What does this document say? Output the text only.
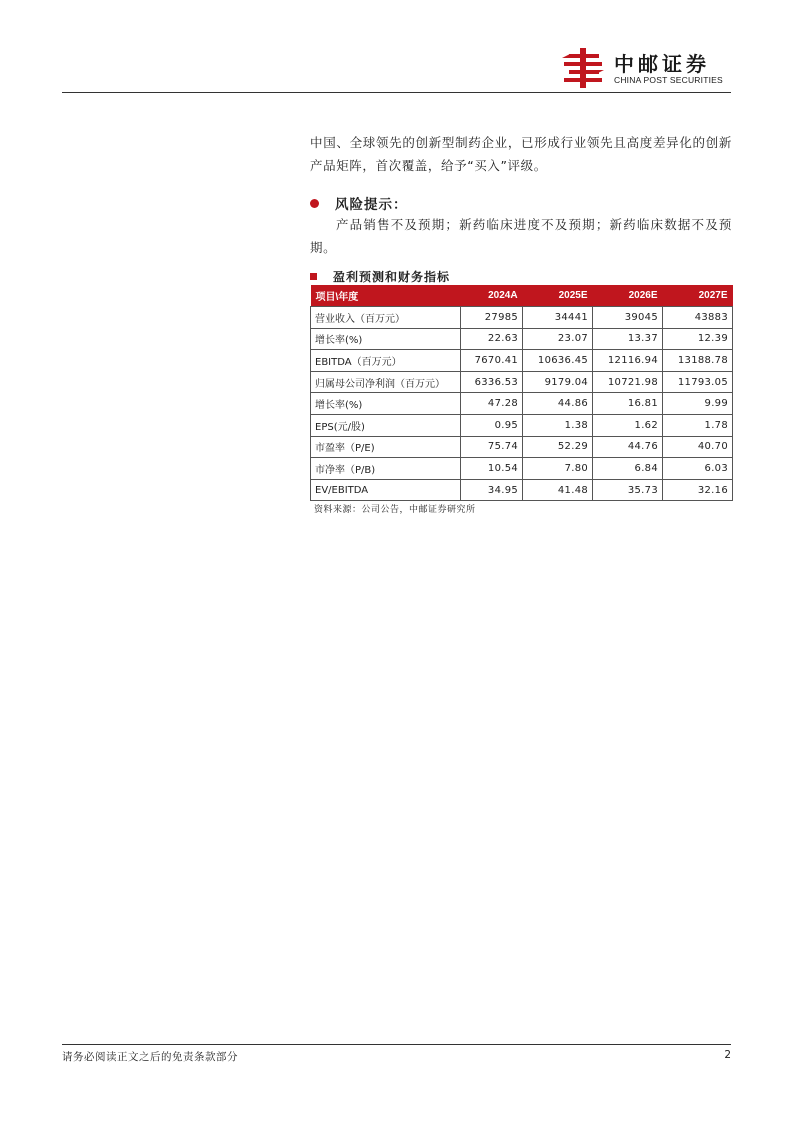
中邮证券
CHINA POST SECURITIES
中国、全球领先的创新型制药企业，已形成行业领先且高度差异化的创新产品矩阵，首次覆盖，给予“买入”评级。
风险提示：
产品销售不及预期；新药临床进度不及预期；新药临床数据不及预期。
盈利预测和财务指标
项目\年度	2024A	2025E	2026E	2027E
营业收入（百万元）	27985	34441	39045	43883
增长率(%)	22.63	23.07	13.37	12.39
EBITDA（百万元）	7670.41	10636.45	12116.94	13188.78
归属母公司净利润（百万元）	6336.53	9179.04	10721.98	11793.05
增长率(%)	47.28	44.86	16.81	9.99
EPS(元/股)	0.95	1.38	1.62	1.78
市盈率（P/E)	75.74	52.29	44.76	40.70
市净率（P/B)	10.54	7.80	6.84	6.03
EV/EBITDA	34.95	41.48	35.73	32.16
资料来源：公司公告，中邮证券研究所
请务必阅读正文之后的免责条款部分	2
